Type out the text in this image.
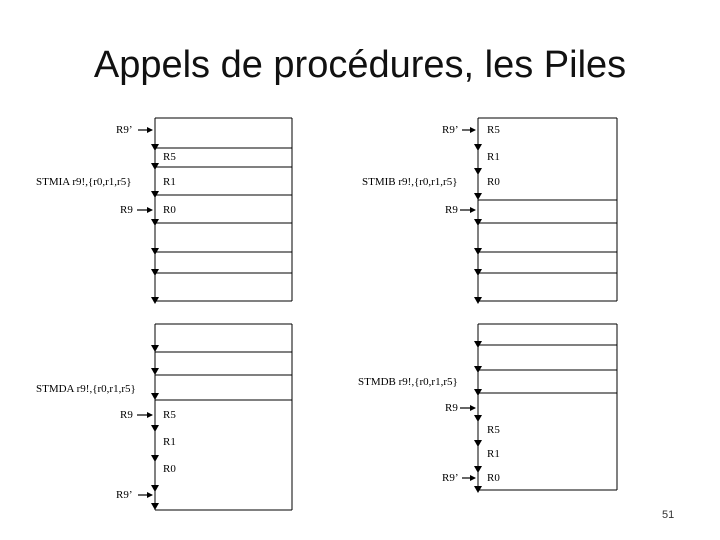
Appels de procédures, les Piles
R9’
R9
STMIA r9!,{r0,r1,r5}
R5
R1
R0
R9’
R9
STMIB r9!,{r0,r1,r5}
R5
R1
R0
R9
R9’
STMDA r9!,{r0,r1,r5}
R5
R1
R0
R9
R9’
STMDB r9!,{r0,r1,r5}
R5
R1
R0
51
